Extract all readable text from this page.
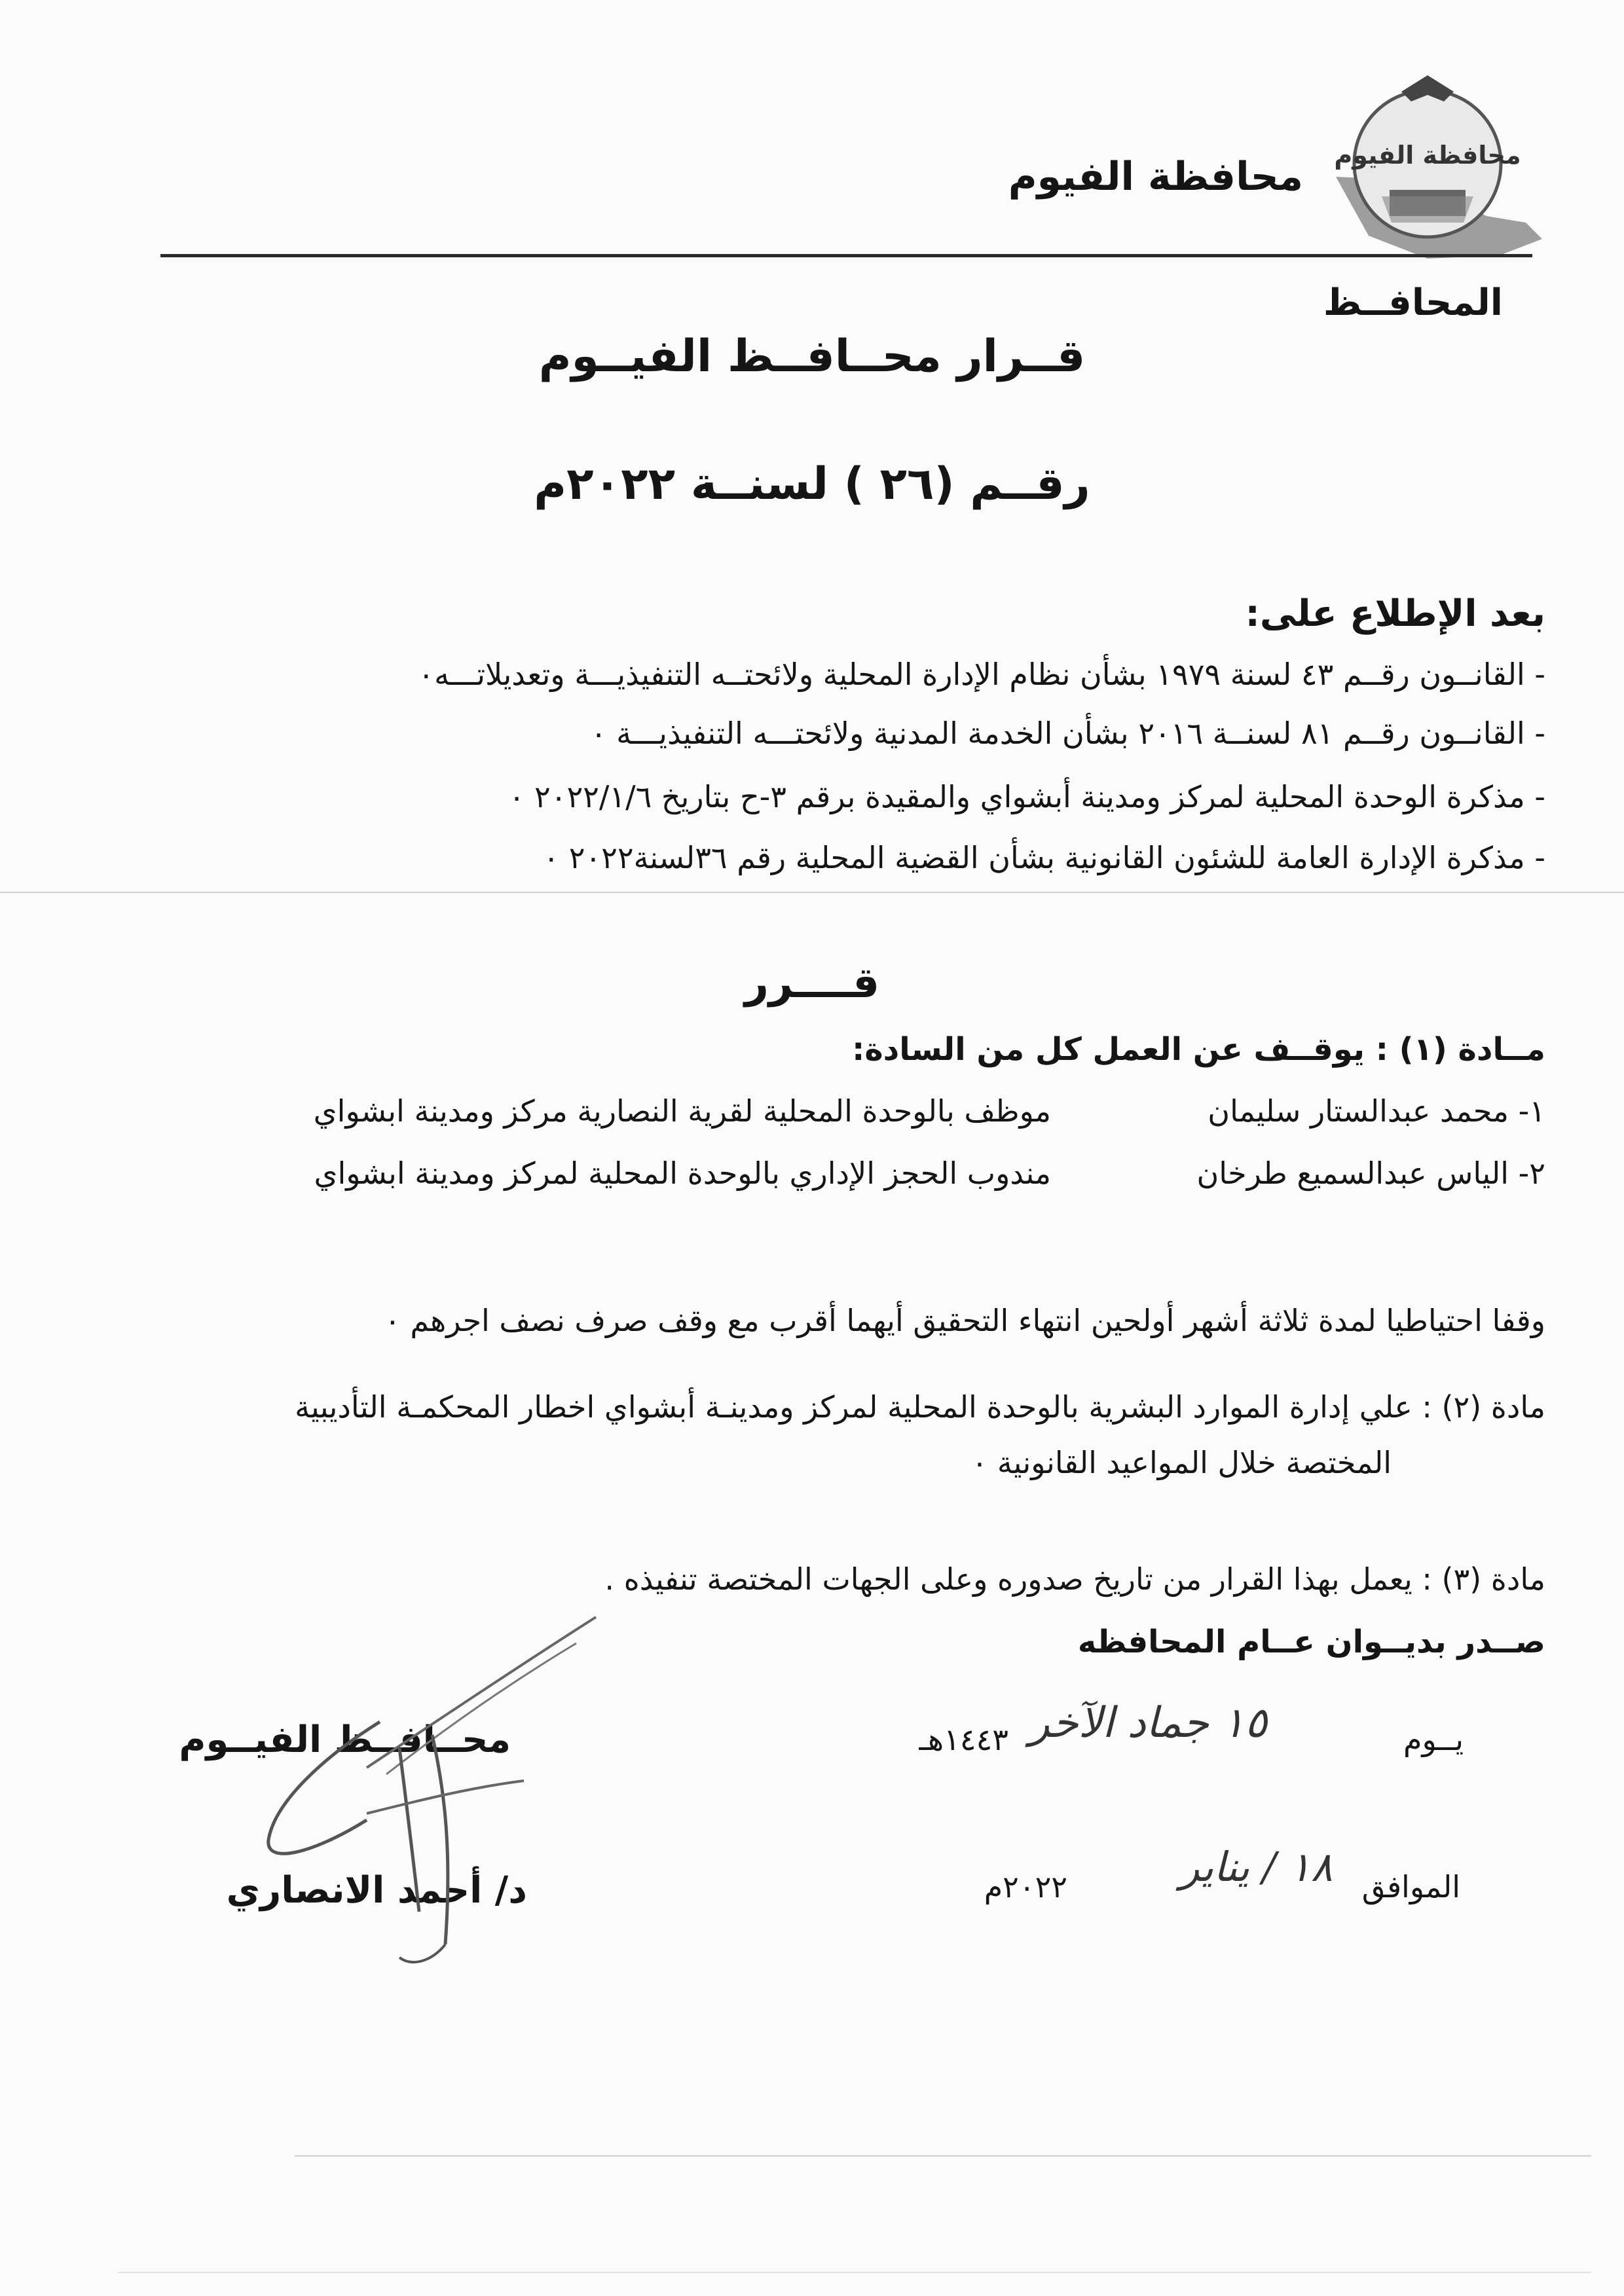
محافظة الفيوم
محافظة الفيوم
المحافــظ
قــرار محــافــظ الفيــوم
رقــم (٢٦ ) لسنــة ٢٠٢٢م
بعد الإطلاع على:
- القانــون رقــم ٤٣ لسنة ١٩٧٩ بشأن نظام الإدارة المحلية ولائحتــه التنفيذيـــة وتعديلاتـــه٠
- القانــون رقــم ٨١ لسنــة ٢٠١٦ بشأن الخدمة المدنية ولائحتـــه التنفيذيـــة ٠
- مذكرة الوحدة المحلية لمركز ومدينة أبشواي والمقيدة برقم ٣-ح بتاريخ ٢٠٢٢/١/٦ ٠
- مذكرة الإدارة العامة للشئون القانونية بشأن القضية المحلية رقم ٣٦لسنة٢٠٢٢ ٠
قــــرر
مــادة (١) : يوقــف عن العمل كل من السادة:
١- محمد عبدالستار سليمان
موظف بالوحدة المحلية لقرية النصارية مركز ومدينة ابشواي
٢- الياس عبدالسميع طرخان
مندوب الحجز الإداري بالوحدة المحلية لمركز ومدينة ابشواي
وقفا احتياطيا لمدة ثلاثة أشهر أولحين انتهاء التحقيق أيهما أقرب مع وقف صرف نصف اجرهم ٠
مادة (٢) : علي إدارة الموارد البشرية بالوحدة المحلية لمركز ومدينـة أبشواي اخطار المحكمـة التأديبية
المختصة خلال المواعيد القانونية ٠
مادة (٣) : يعمل بهذا القرار من تاريخ صدوره وعلى الجهات المختصة تنفيذه .
صــدر بديــوان عــام المحافظه
يــوم
١٥ جماد الآخر
١٤٤٣هـ
محــافــظ الفيــوم
الموافق
١٨ / يناير
٢٠٢٢م
د/ أحمد الانصاري
